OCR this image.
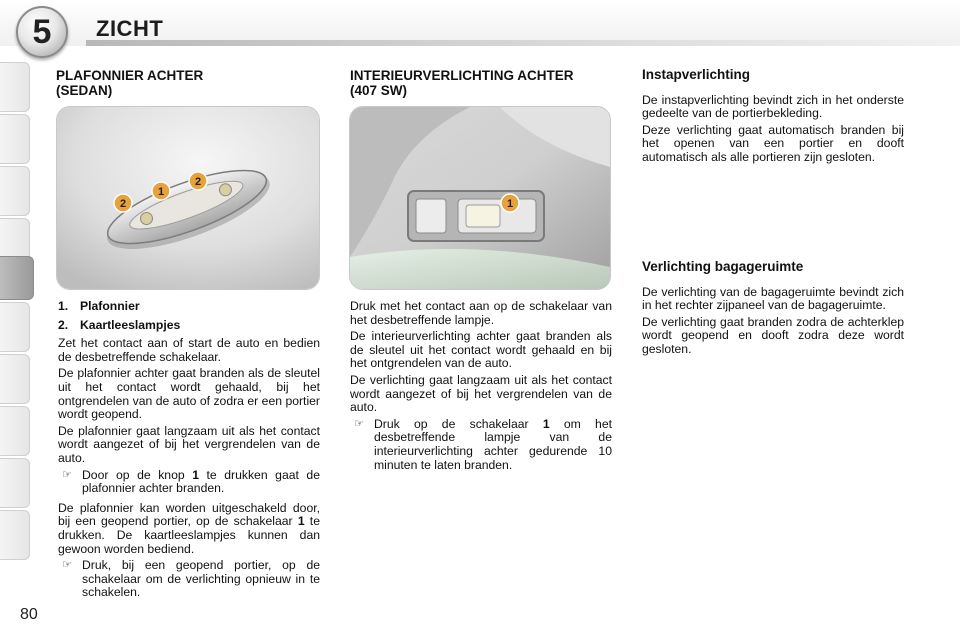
5	ZICHT
80
PLAFONNIER ACHTER (SEDAN)
2
1
2
1. Plafonnier
2. Kaartleeslampjes

Zet het contact aan of start de auto en bedien de desbetreffende schakelaar.

De plafonnier achter gaat branden als de sleutel uit het contact wordt gehaald, bij het ontgrendelen van de auto of zodra er een portier wordt geopend.

De plafonnier gaat langzaam uit als het contact wordt aangezet of bij het vergrendelen van de auto.

☞ Door op de knop 1 te drukken gaat de plafonnier achter branden.

De plafonnier kan worden uitgeschakeld door, bij een geopend portier, op de schakelaar 1 te drukken. De kaartleeslampjes kunnen dan gewoon worden bediend.

☞ Druk, bij een geopend portier, op de schakelaar om de verlichting opnieuw in te schakelen.
INTERIEURVERLICHTING ACHTER (407 SW)
1

Druk met het contact aan op de schakelaar van het desbetreffende lampje.

De interieurverlichting achter gaat branden als de sleutel uit het contact wordt gehaald en bij het ontgrendelen van de auto.

De verlichting gaat langzaam uit als het contact wordt aangezet of bij het vergrendelen van de auto.

☞ Druk op de schakelaar 1 om het desbetreffende lampje van de interieurverlichting achter gedurende 10 minuten te laten branden.
Instapverlichting

De instapverlichting bevindt zich in het onderste gedeelte van de portierbekleding.

Deze verlichting gaat automatisch branden bij het openen van een portier en dooft automatisch als alle portieren zijn gesloten.

Verlichting bagageruimte

De verlichting van de bagageruimte bevindt zich in het rechter zijpaneel van de bagageruimte.

De verlichting gaat branden zodra de achterklep wordt geopend en dooft zodra deze wordt gesloten.
